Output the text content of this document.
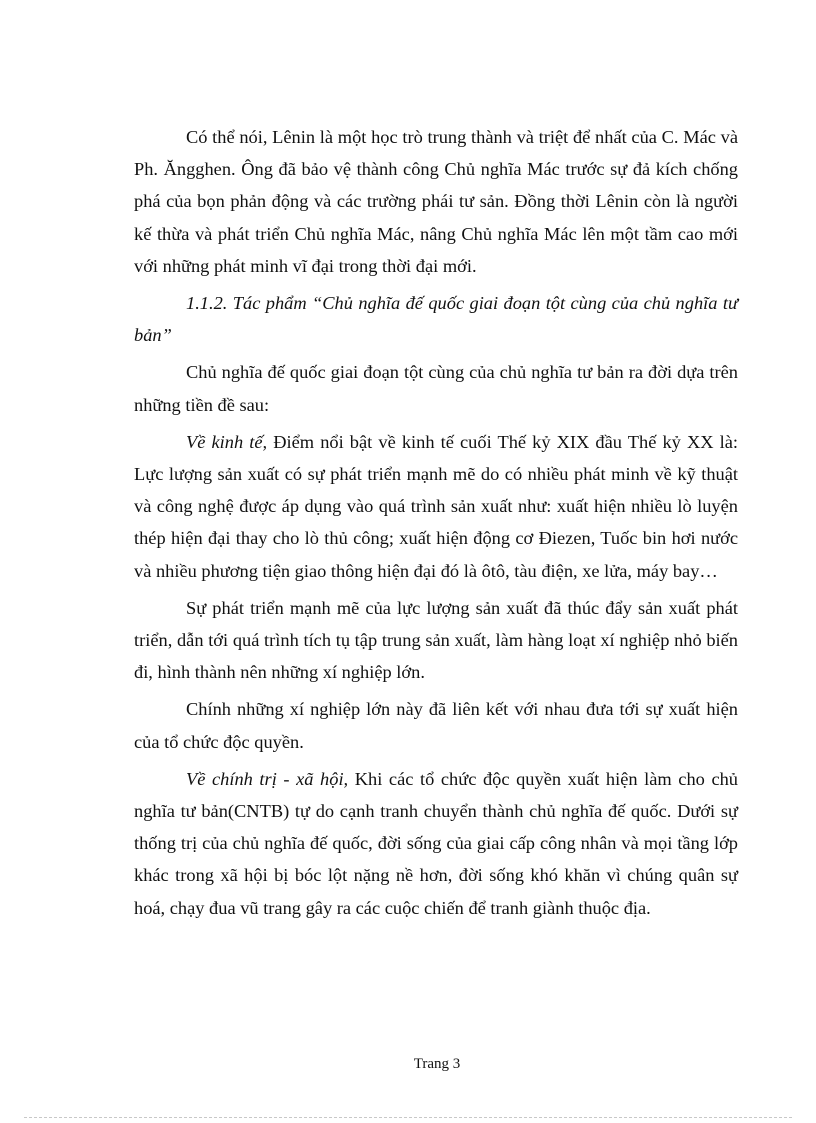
Có thể nói, Lênin là một học trò trung thành và triệt để nhất của C. Mác và Ph. Ăngghen. Ông đã bảo vệ thành công Chủ nghĩa Mác trước sự đả kích chống phá của bọn phản động và các trường phái tư sản. Đồng thời Lênin còn là người kế thừa và phát triển Chủ nghĩa Mác, nâng Chủ nghĩa Mác lên một tầm cao mới với những phát minh vĩ đại trong thời đại mới.

1.1.2. Tác phẩm “Chủ nghĩa đế quốc giai đoạn tột cùng của chủ nghĩa tư bản”

Chủ nghĩa đế quốc giai đoạn tột cùng của chủ nghĩa tư bản ra đời dựa trên những tiền đề sau:

Về kinh tế, Điểm nổi bật về kinh tế cuối Thế kỷ XIX đầu Thế kỷ XX là: Lực lượng sản xuất có sự phát triển mạnh mẽ do có nhiều phát minh về kỹ thuật và công nghệ được áp dụng vào quá trình sản xuất như: xuất hiện nhiều lò luyện thép hiện đại thay cho lò thủ công; xuất hiện động cơ Điezen, Tuốc bin hơi nước và nhiều phương tiện giao thông hiện đại đó là ôtô, tàu điện, xe lửa, máy bay…

Sự phát triển mạnh mẽ của lực lượng sản xuất đã thúc đẩy sản xuất phát triển, dẫn tới quá trình tích tụ tập trung sản xuất, làm hàng loạt xí nghiệp nhỏ biến đi, hình thành nên những xí nghiệp lớn.

Chính những xí nghiệp lớn này đã liên kết với nhau đưa tới sự xuất hiện của tổ chức độc quyền.

Về chính trị - xã hội, Khi các tổ chức độc quyền xuất hiện làm cho chủ nghĩa tư bản(CNTB) tự do cạnh tranh chuyển thành chủ nghĩa đế quốc. Dưới sự thống trị của chủ nghĩa đế quốc, đời sống của giai cấp công nhân và mọi tầng lớp khác trong xã hội bị bóc lột nặng nề hơn, đời sống khó khăn vì chúng quân sự hoá, chạy đua vũ trang gây ra các cuộc chiến để tranh giành thuộc địa.

Trang 3
